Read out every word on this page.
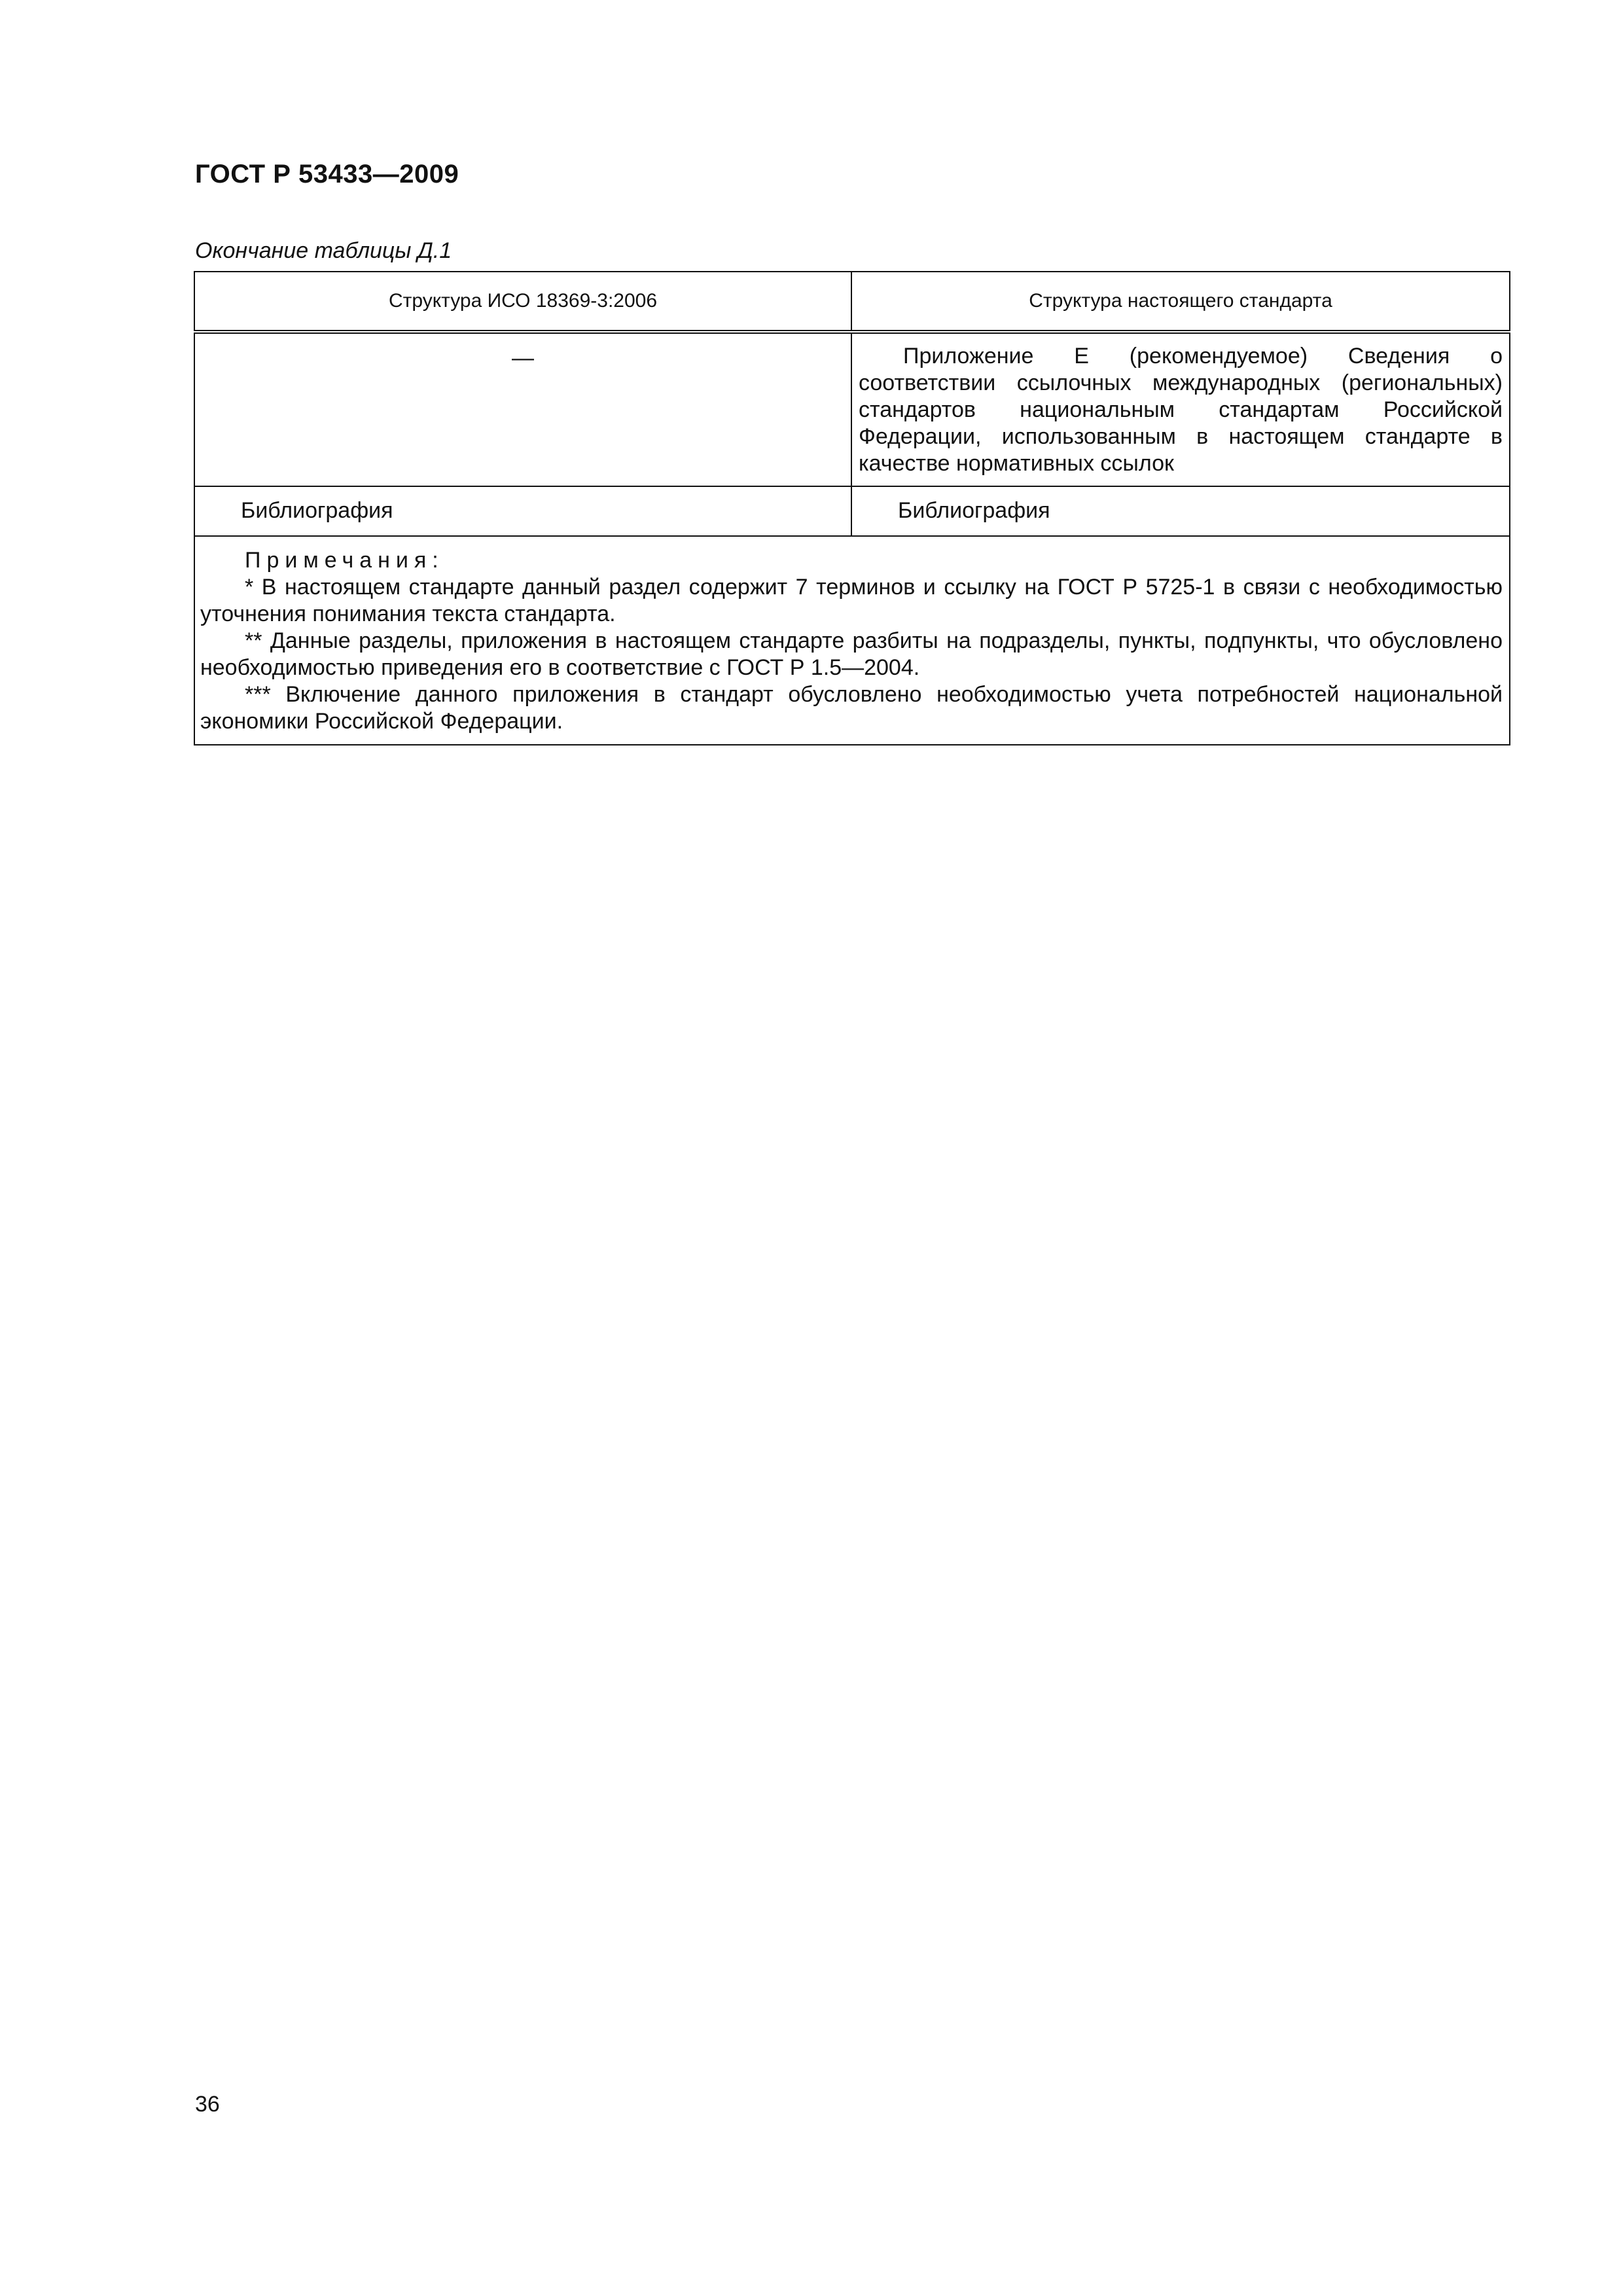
ГОСТ Р 53433—2009

Окончание таблицы Д.1

Структура ИСО 18369-3:2006	Структура настоящего стандарта
—	Приложение Е (рекомендуемое) Сведения о соответствии ссылочных международных (региональных) стандартов национальным стандартам Российской Федерации, использованным в настоящем стандарте в качестве нормативных ссылок
Библиография	Библиография

Примечания:

* В настоящем стандарте данный раздел содержит 7 терминов и ссылку на ГОСТ Р 5725-1 в связи с необходимостью уточнения понимания текста стандарта.

** Данные разделы, приложения в настоящем стандарте разбиты на подразделы, пункты, подпункты, что обусловлено необходимостью приведения его в соответствие с ГОСТ Р 1.5—2004.

*** Включение данного приложения в стандарт обусловлено необходимостью учета потребностей национальной экономики Российской Федерации.	

36
